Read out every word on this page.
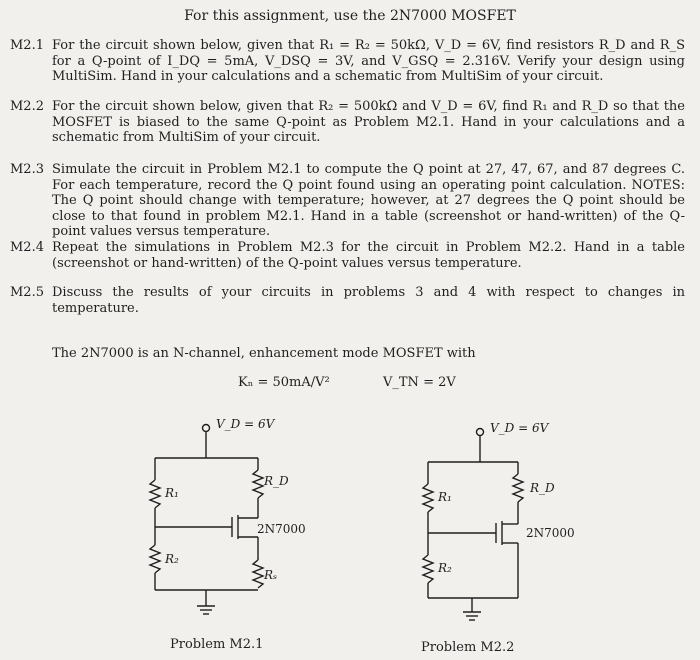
For this assignment, use the 2N7000 MOSFET
M2.1 For the circuit shown below, given that R₁ = R₂ = 50kΩ, V_D = 6V, find resistors R_D and R_S for a Q-point of I_DQ = 5mA, V_DSQ = 3V, and V_GSQ = 2.316V. Verify your design using MultiSim. Hand in your calculations and a schematic from MultiSim of your circuit.
M2.2 For the circuit shown below, given that R₂ = 500kΩ and V_D = 6V, find R₁ and R_D so that the MOSFET is biased to the same Q-point as Problem M2.1. Hand in your calculations and a schematic from MultiSim of your circuit.
M2.3 Simulate the circuit in Problem M2.1 to compute the Q point at 27, 47, 67, and 87 degrees C. For each temperature, record the Q point found using an operating point calculation. NOTES: The Q point should change with temperature; however, at 27 degrees the Q point should be close to that found in problem M2.1. Hand in a table (screenshot or hand-written) of the Q-point values versus temperature.
M2.4 Repeat the simulations in Problem M2.3 for the circuit in Problem M2.2. Hand in a table (screenshot or hand-written) of the Q-point values versus temperature.
M2.5 Discuss the results of your circuits in problems 3 and 4 with respect to changes in temperature.
The 2N7000 is an N-channel, enhancement mode MOSFET with
Kₙ = 50mA/V²	V_TN = 2V
V_D = 6V
R₁
R₂
R_D
Rₛ
2N7000
V_D = 6V
R₁
R₂
R_D
2N7000
Problem M2.1	Problem M2.2
